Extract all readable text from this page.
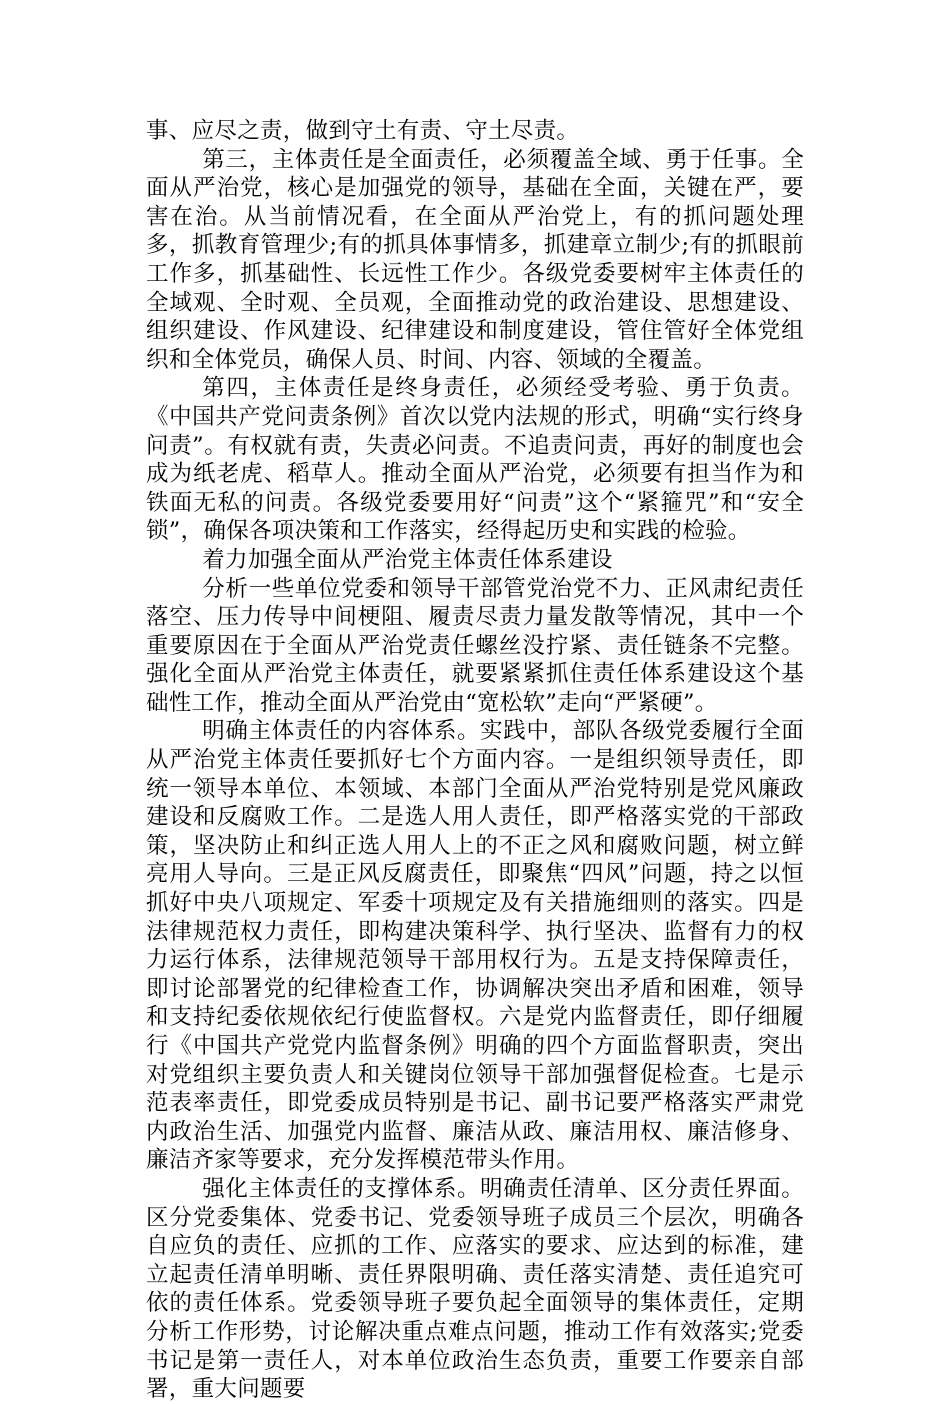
事、应尽之责，做到守土有责、守土尽责。

第三，主体责任是全面责任，必须覆盖全域、勇于任事。全面从严治党，核心是加强党的领导，基础在全面，关键在严，要害在治。从当前情况看，在全面从严治党上，有的抓问题处理多，抓教育管理少;有的抓具体事情多，抓建章立制少;有的抓眼前工作多，抓基础性、长远性工作少。各级党委要树牢主体责任的全域观、全时观、全员观，全面推动党的政治建设、思想建设、组织建设、作风建设、纪律建设和制度建设，管住管好全体党组织和全体党员，确保人员、时间、内容、领域的全覆盖。

第四，主体责任是终身责任，必须经受考验、勇于负责。《中国共产党问责条例》首次以党内法规的形式，明确“实行终身问责”。有权就有责，失责必问责。不追责问责，再好的制度也会成为纸老虎、稻草人。推动全面从严治党，必须要有担当作为和铁面无私的问责。各级党委要用好“问责”这个“紧箍咒”和“安全锁”，确保各项决策和工作落实，经得起历史和实践的检验。

着力加强全面从严治党主体责任体系建设

分析一些单位党委和领导干部管党治党不力、正风肃纪责任落空、压力传导中间梗阻、履责尽责力量发散等情况，其中一个重要原因在于全面从严治党责任螺丝没拧紧、责任链条不完整。强化全面从严治党主体责任，就要紧紧抓住责任体系建设这个基础性工作，推动全面从严治党由“宽松软”走向“严紧硬”。

明确主体责任的内容体系。实践中，部队各级党委履行全面从严治党主体责任要抓好七个方面内容。一是组织领导责任，即统一领导本单位、本领域、本部门全面从严治党特别是党风廉政建设和反腐败工作。二是选人用人责任，即严格落实党的干部政策，坚决防止和纠正选人用人上的不正之风和腐败问题，树立鲜亮用人导向。三是正风反腐责任，即聚焦“四风”问题，持之以恒抓好中央八项规定、军委十项规定及有关措施细则的落实。四是法律规范权力责任，即构建决策科学、执行坚决、监督有力的权力运行体系，法律规范领导干部用权行为。五是支持保障责任，即讨论部署党的纪律检查工作，协调解决突出矛盾和困难，领导和支持纪委依规依纪行使监督权。六是党内监督责任，即仔细履行《中国共产党党内监督条例》明确的四个方面监督职责，突出对党组织主要负责人和关键岗位领导干部加强督促检查。七是示范表率责任，即党委成员特别是书记、副书记要严格落实严肃党内政治生活、加强党内监督、廉洁从政、廉洁用权、廉洁修身、廉洁齐家等要求，充分发挥模范带头作用。

强化主体责任的支撑体系。明确责任清单、区分责任界面。区分党委集体、党委书记、党委领导班子成员三个层次，明确各自应负的责任、应抓的工作、应落实的要求、应达到的标准，建立起责任清单明晰、责任界限明确、责任落实清楚、责任追究可依的责任体系。党委领导班子要负起全面领导的集体责任，定期分析工作形势，讨论解决重点难点问题，推动工作有效落实;党委书记是第一责任人，对本单位政治生态负责，重要工作要亲自部署，重大问题要
